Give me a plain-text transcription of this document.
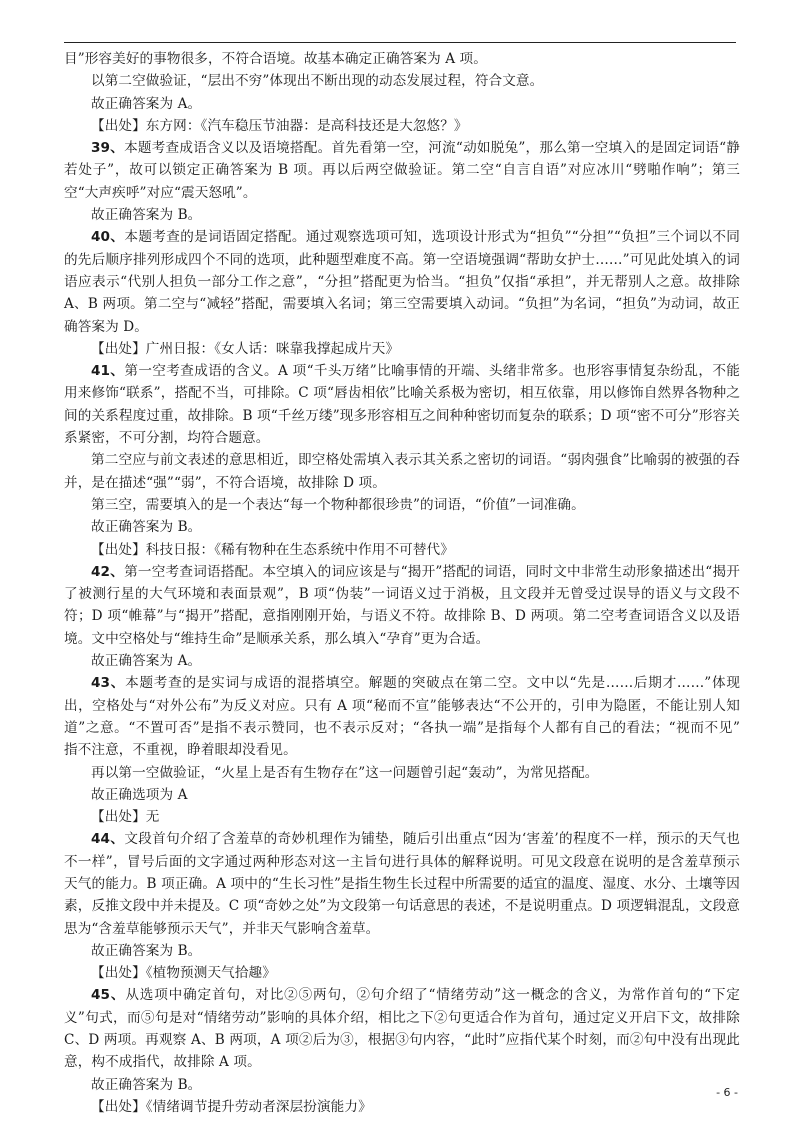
目”形容美好的事物很多，不符合语境。故基本确定正确答案为 A 项。

以第二空做验证，“层出不穷”体现出不断出现的动态发展过程，符合文意。

故正确答案为 A。

【出处】东方网：《汽车稳压节油器：是高科技还是大忽悠？》

39、本题考查成语含义以及语境搭配。首先看第一空，河流“动如脱兔”，那么第一空填入的是固定词语“静若处子”，故可以锁定正确答案为 B 项。再以后两空做验证。第二空“自言自语”对应冰川“劈啪作响”；第三空“大声疾呼”对应“震天怒吼”。

故正确答案为 B。

40、本题考查的是词语固定搭配。通过观察选项可知，选项设计形式为“担负”“分担”“负担”三个词以不同的先后顺序排列形成四个不同的选项，此种题型难度不高。第一空语境强调“帮助女护士……”可见此处填入的词语应表示“代别人担负一部分工作之意”，“分担”搭配更为恰当。“担负”仅指“承担”，并无帮别人之意。故排除 A、B 两项。第二空与“减轻”搭配，需要填入名词；第三空需要填入动词。“负担”为名词，“担负”为动词，故正确答案为 D。

【出处】广州日报：《女人话：咪靠我撑起成片天》

41、第一空考查成语的含义。A 项“千头万绪”比喻事情的开端、头绪非常多。也形容事情复杂纷乱，不能用来修饰“联系”，搭配不当，可排除。C 项“唇齿相依”比喻关系极为密切，相互依靠，用以修饰自然界各物种之间的关系程度过重，故排除。B 项“千丝万缕”现多形容相互之间种种密切而复杂的联系；D 项“密不可分”形容关系紧密，不可分割，均符合题意。

第二空应与前文表述的意思相近，即空格处需填入表示其关系之密切的词语。“弱肉强食”比喻弱的被强的吞并，是在描述“强”“弱”，不符合语境，故排除 D 项。

第三空，需要填入的是一个表达“每一个物种都很珍贵”的词语，“价值”一词准确。

故正确答案为 B。

【出处】科技日报：《稀有物种在生态系统中作用不可替代》

42、第一空考查词语搭配。本空填入的词应该是与“揭开”搭配的词语，同时文中非常生动形象描述出“揭开了被测行星的大气环境和表面景观”，B 项“伪装”一词语义过于消极，且文段并无曾受过误导的语义与文段不符；D 项“帷幕”与“揭开”搭配，意指刚刚开始，与语义不符。故排除 B、D 两项。第二空考查词语含义以及语境。文中空格处与“维持生命”是顺承关系，那么填入“孕育”更为合适。

故正确答案为 A。

43、本题考查的是实词与成语的混搭填空。解题的突破点在第二空。文中以“先是……后期才……”体现出，空格处与“对外公布”为反义对应。只有 A 项“秘而不宣”能够表达“不公开的，引申为隐匿，不能让别人知道”之意。“不置可否”是指不表示赞同，也不表示反对；“各执一端”是指每个人都有自己的看法；“视而不见”　指不注意，不重视，睁着眼却没看见。

再以第一空做验证，“火星上是否有生物存在”这一问题曾引起“轰动”，为常见搭配。

故正确选项为 A

【出处】无

44、文段首句介绍了含羞草的奇妙机理作为铺垫，随后引出重点“因为‘害羞’的程度不一样，预示的天气也不一样”，冒号后面的文字通过两种形态对这一主旨句进行具体的解释说明。可见文段意在说明的是含羞草预示天气的能力。B 项正确。A 项中的“生长习性”是指生物生长过程中所需要的适宜的温度、湿度、水分、土壤等因素，反推文段中并未提及。C 项“奇妙之处”为文段第一句话意思的表述，不是说明重点。D 项逻辑混乱，文段意思为“含羞草能够预示天气”，并非天气影响含羞草。

故正确答案为 B。

【出处】《植物预测天气拾趣》

45、从选项中确定首句，对比②⑤两句，②句介绍了“情绪劳动”这一概念的含义，为常作首句的“下定义”句式，而⑤句是对“情绪劳动”影响的具体介绍，相比之下②句更适合作为首句，通过定义开启下文，故排除 C、D 两项。再观察 A、B 两项，A 项②后为③，根据③句内容，“此时”应指代某个时刻，而②句中没有出现此意，构不成指代，故排除 A 项。

故正确答案为 B。

【出处】《情绪调节提升劳动者深层扮演能力》

- 6 -
